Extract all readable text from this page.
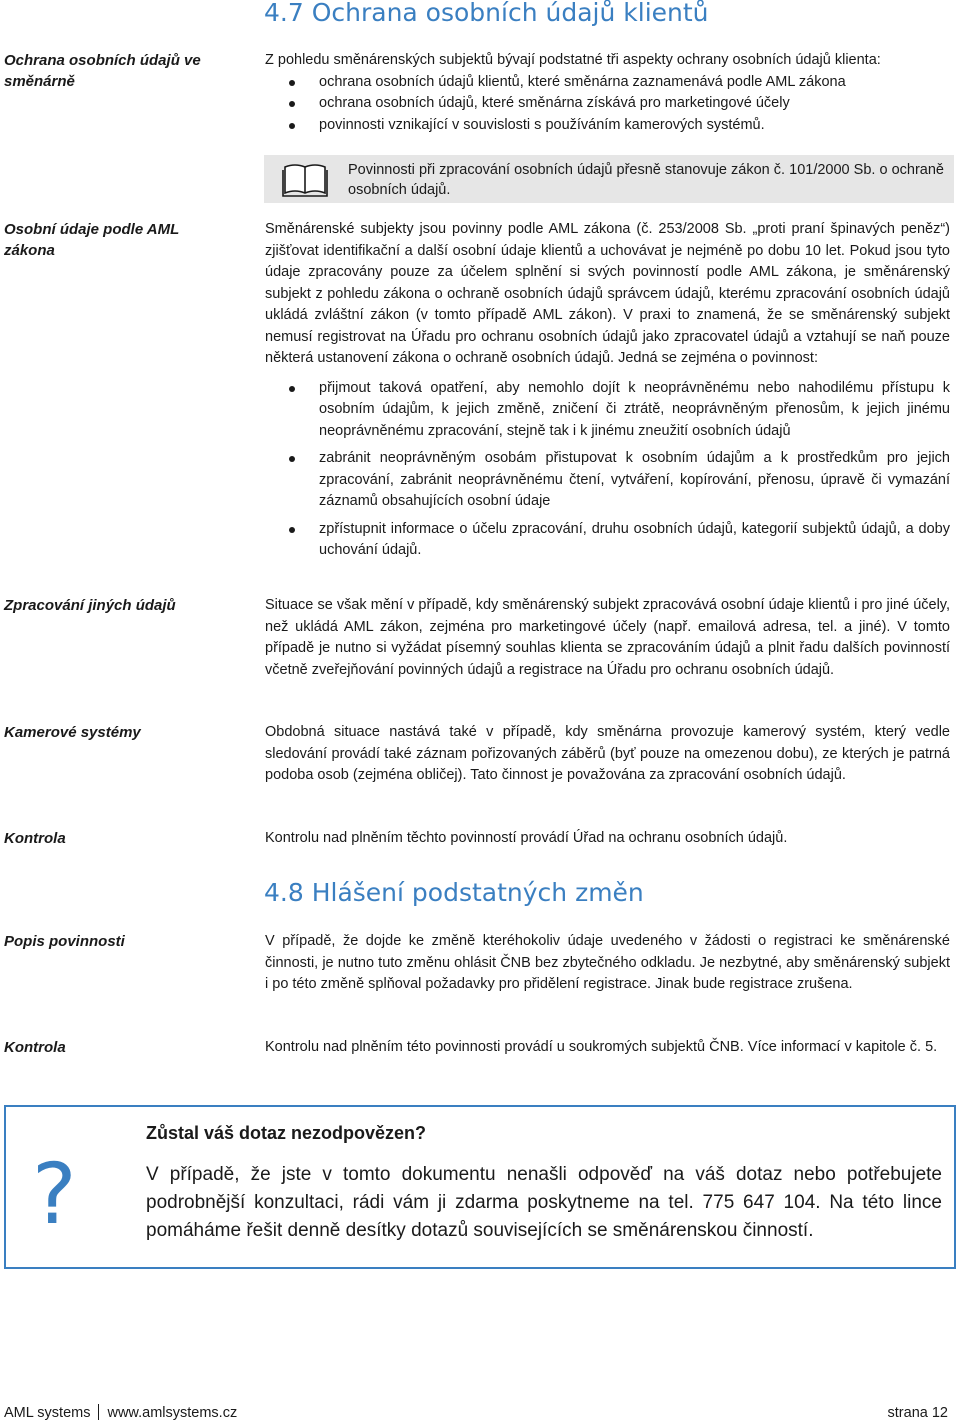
4.7 Ochrana osobních údajů klientů
Ochrana osobních údajů ve směnárně

Z pohledu směnárenských subjektů bývají podstatné tři aspekty ochrany osobních údajů klienta:

ochrana osobních údajů klientů, které směnárna zaznamenává podle AML zákona
ochrana osobních údajů, které směnárna získává pro marketingové účely
povinnosti vznikající v souvislosti s používáním kamerových systémů.
Povinnosti při zpracování osobních údajů přesně stanovuje zákon č. 101/2000 Sb. o ochraně osobních údajů.
Osobní údaje podle AML zákona

Směnárenské subjekty jsou povinny podle AML zákona (č. 253/2008 Sb. „proti praní špinavých peněz“) zjišťovat identifikační a další osobní údaje klientů a uchovávat je nejméně po dobu 10 let. Pokud jsou tyto údaje zpracovány pouze za účelem splnění si svých povinností podle AML zákona, je směnárenský subjekt z pohledu zákona o ochraně osobních údajů správcem údajů, kterému zpracování osobních údajů ukládá zvláštní zákon (v tomto případě AML zákon). V praxi to znamená, že se směnárenský subjekt nemusí registrovat na Úřadu pro ochranu osobních údajů jako zpracovatel údajů a vztahují se naň pouze některá ustanovení zákona o ochraně osobních údajů. Jedná se zejména o povinnost:

přijmout taková opatření, aby nemohlo dojít k neoprávněnému nebo nahodilému přístupu k osobním údajům, k jejich změně, zničení či ztrátě, neoprávněným přenosům, k jejich jinému neoprávněnému zpracování, stejně tak i k jinému zneužití osobních údajů
zabránit neoprávněným osobám přistupovat k osobním údajům a k prostředkům pro jejich zpracování, zabránit neoprávněnému čtení, vytváření, kopírování, přenosu, úpravě či vymazání záznamů obsahujících osobní údaje
zpřístupnit informace o účelu zpracování, druhu osobních údajů, kategorií subjektů údajů, a doby uchování údajů.
Zpracování jiných údajů	Situace se však mění v případě, kdy směnárenský subjekt zpracovává osobní údaje klientů i pro jiné účely, než ukládá AML zákon, zejména pro marketingové účely (např. emailová adresa, tel. a jiné). V tomto případě je nutno si vyžádat písemný souhlas klienta se zpracováním údajů a plnit řadu dalších povinností včetně zveřejňování povinných údajů a registrace na Úřadu pro ochranu osobních údajů.
Kamerové systémy	Obdobná situace nastává také v případě, kdy směnárna provozuje kamerový systém, který vedle sledování provádí také záznam pořizovaných záběrů (byť pouze na omezenou dobu), ze kterých je patrná podoba osob (zejména obličej). Tato činnost je považována za zpracování osobních údajů.
Kontrola	Kontrolu nad plněním těchto povinností provádí Úřad na ochranu osobních údajů.
4.8 Hlášení podstatných změn
Popis povinnosti	V případě, že dojde ke změně kteréhokoliv údaje uvedeného v žádosti o registraci ke směnárenské činnosti, je nutno tuto změnu ohlásit ČNB bez zbytečného odkladu. Je nezbytné, aby směnárenský subjekt i po této změně splňoval požadavky pro přidělení registrace. Jinak bude registrace zrušena.
Kontrola	Kontrolu nad plněním této povinnosti provádí u soukromých subjektů ČNB. Více informací v kapitole č. 5.
?
Zůstal váš dotaz nezodpovězen?
V případě, že jste v tomto dokumentu nenašli odpověď na váš dotaz nebo potřebujete podrobnější konzultaci, rádi vám ji zdarma poskytneme na tel. 775 647 104. Na této lince pomáháme řešit denně desítky dotazů souvisejících se směnárenskou činností.
AML systems www.amlsystems.cz	strana 12
